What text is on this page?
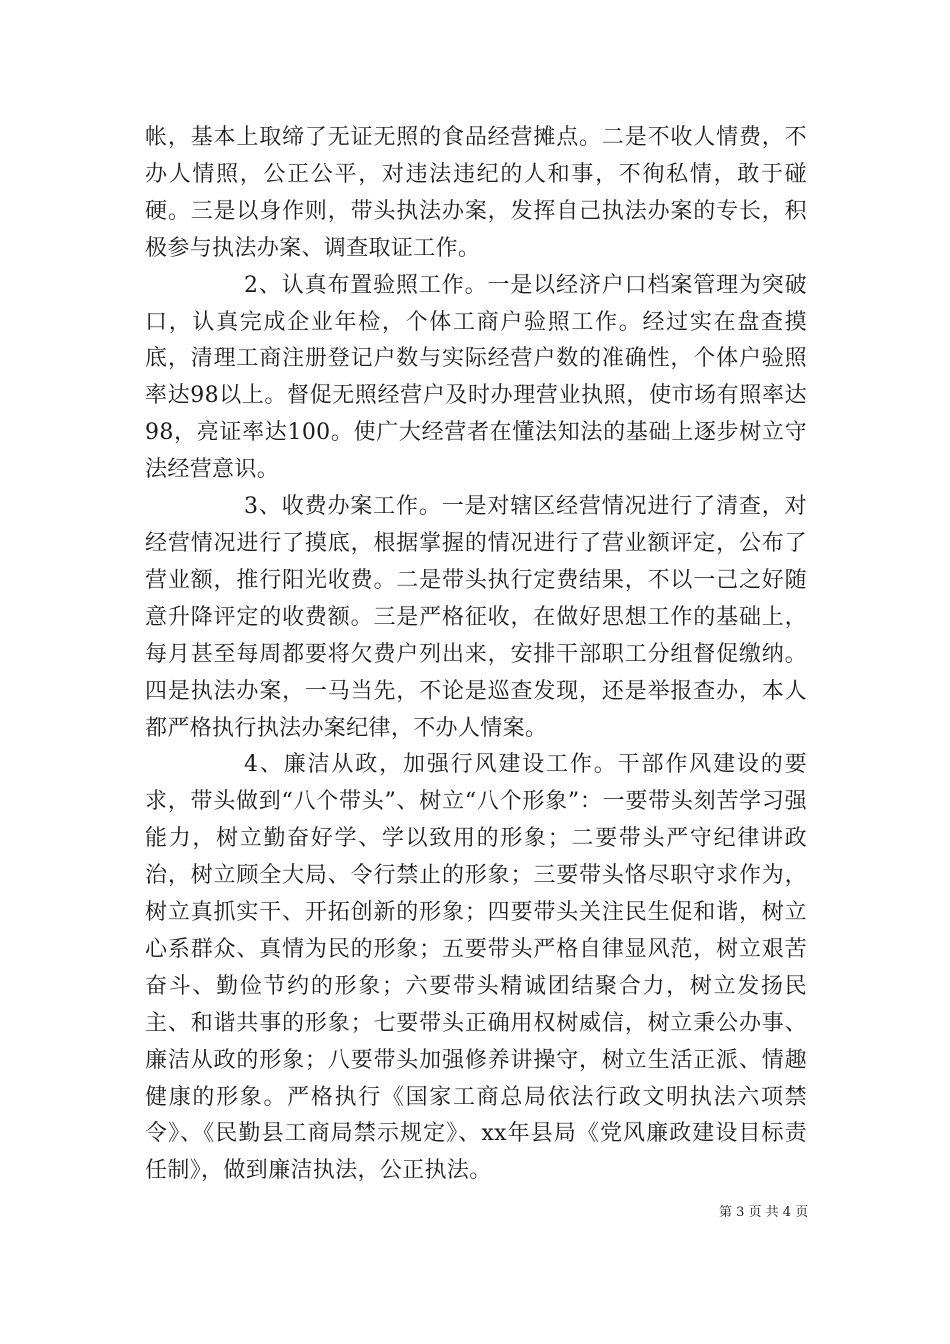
帐，基本上取缔了无证无照的食品经营摊点。二是不收人情费，不办人情照，公正公平，对违法违纪的人和事，不徇私情，敢于碰硬。三是以身作则，带头执法办案，发挥自己执法办案的专长，积极参与执法办案、调查取证工作。

2、认真布置验照工作。一是以经济户口档案管理为突破口，认真完成企业年检，个体工商户验照工作。经过实在盘查摸底，清理工商注册登记户数与实际经营户数的准确性，个体户验照率达98以上。督促无照经营户及时办理营业执照，使市场有照率达98，亮证率达100。使广大经营者在懂法知法的基础上逐步树立守法经营意识。

3、收费办案工作。一是对辖区经营情况进行了清查，对经营情况进行了摸底，根据掌握的情况进行了营业额评定，公布了营业额，推行阳光收费。二是带头执行定费结果，不以一己之好随意升降评定的收费额。三是严格征收，在做好思想工作的基础上，每月甚至每周都要将欠费户列出来，安排干部职工分组督促缴纳。四是执法办案，一马当先，不论是巡查发现，还是举报查办，本人都严格执行执法办案纪律，不办人情案。

4、廉洁从政，加强行风建设工作。干部作风建设的要求，带头做到“八个带头”、树立“八个形象”：一要带头刻苦学习强能力，树立勤奋好学、学以致用的形象；二要带头严守纪律讲政治，树立顾全大局、令行禁止的形象；三要带头恪尽职守求作为，树立真抓实干、开拓创新的形象；四要带头关注民生促和谐，树立心系群众、真情为民的形象；五要带头严格自律显风范，树立艰苦奋斗、勤俭节约的形象；六要带头精诚团结聚合力，树立发扬民主、和谐共事的形象；七要带头正确用权树威信，树立秉公办事、廉洁从政的形象；八要带头加强修养讲操守，树立生活正派、情趣健康的形象。严格执行《国家工商总局依法行政文明执法六项禁令》、《民勤县工商局禁示规定》、xx年县局《党风廉政建设目标责任制》，做到廉洁执法，公正执法。

第 3 页 共 4 页
